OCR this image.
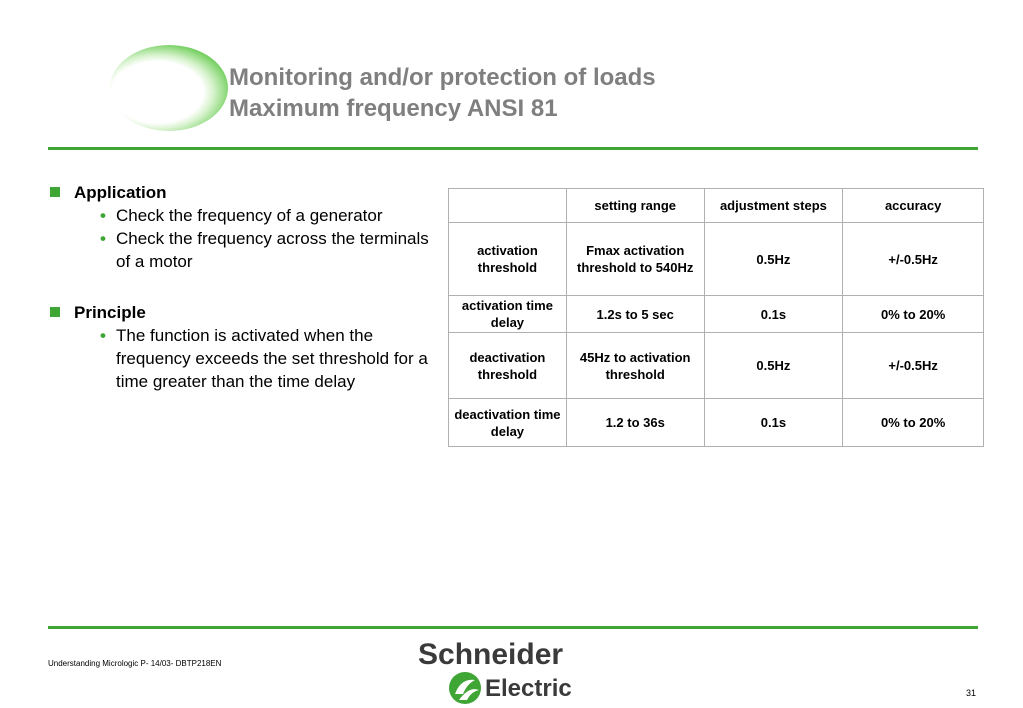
Monitoring and/or protection of loads
Maximum frequency ANSI 81
Application
• Check the frequency of a generator
• Check the frequency across the terminals of a motor
Principle
• The function is activated when the frequency exceeds the set threshold for a time greater than the time delay
	setting range	adjustment steps	accuracy
activation threshold	Fmax activation threshold to 540Hz	0.5Hz	+/-0.5Hz
activation time delay	1.2s to 5 sec	0.1s	0% to 20%
deactivation threshold	45Hz to activation threshold	0.5Hz	+/-0.5Hz
deactivation time delay	1.2 to 36s	0.1s	0% to 20%
Understanding Micrologic P- 14/03- DBTP218EN	Schneider
Electric	31
